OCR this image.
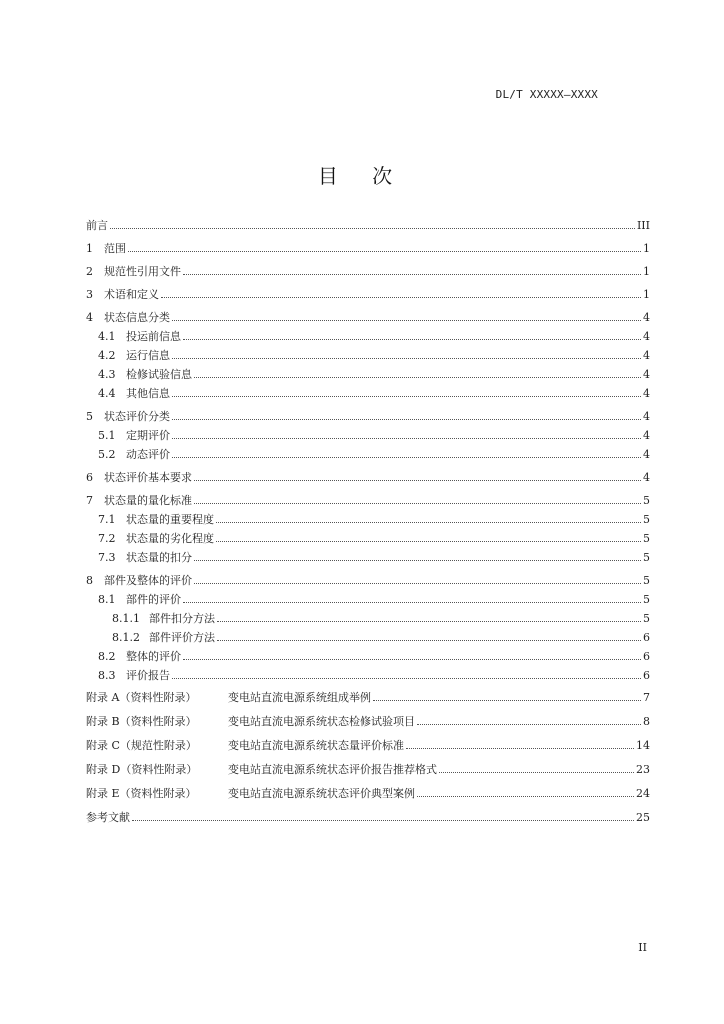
DL/T XXXXX—XXXX
目 次
前言	III
1	范围	1
2	规范性引用文件	1
3	术语和定义	1
4	状态信息分类	4
4.1 投运前信息	4
4.2 运行信息	4
4.3 检修试验信息	4
4.4 其他信息	4
5	状态评价分类	4
5.1 定期评价	4
5.2 动态评价	4
6	状态评价基本要求	4
7	状态量的量化标准	5
7.1 状态量的重要程度	5
7.2 状态量的劣化程度	5
7.3 状态量的扣分	5
8	部件及整体的评价	5
8.1 部件的评价	5
8.1.1 部件扣分方法	5
8.1.2 部件评价方法	6
8.2 整体的评价	6
8.3 评价报告	6
附录 A（资料性附录）	变电站直流电源系统组成举例	7
附录 B（资料性附录）	变电站直流电源系统状态检修试验项目	8
附录 C（规范性附录）	变电站直流电源系统状态量评价标准	14
附录 D（资料性附录）	变电站直流电源系统状态评价报告推荐格式	23
附录 E（资料性附录）	变电站直流电源系统状态评价典型案例	24
参考文献	25
II
